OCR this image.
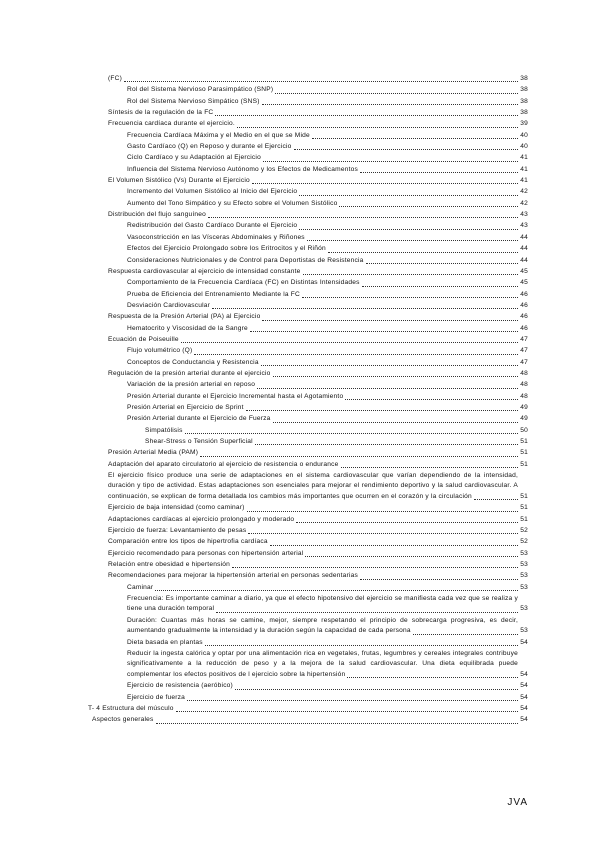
(FC)	38
Rol del Sistema Nervioso Parasimpático (SNP)	38
Rol del Sistema Nervioso Simpático (SNS)	38
Síntesis de la regulación de la FC	38
Frecuencia cardíaca durante el ejercicio.	39
Frecuencia Cardíaca Máxima y el Medio en el que se Mide	40
Gasto Cardíaco (Q) en Reposo y durante el Ejercicio	40
Ciclo Cardíaco y su Adaptación al Ejercicio	41
Influencia del Sistema Nervioso Autónomo y los Efectos de Medicamentos	41
El Volumen Sistólico (Vs) Durante el Ejercicio	41
Incremento del Volumen Sistólico al Inicio del Ejercicio	42
Aumento del Tono Simpático y su Efecto sobre el Volumen Sistólico	42
Distribución del flujo sanguíneo	43
Redistribución del Gasto Cardíaco Durante el Ejercicio	43
Vasoconstricción en las Vísceras Abdominales y Riñones	44
Efectos del Ejercicio Prolongado sobre los Eritrocitos y el Riñón	44
Consideraciones Nutricionales y de Control para Deportistas de Resistencia	44
Respuesta cardiovascular al ejercicio de intensidad constante	45
Comportamiento de la Frecuencia Cardíaca (FC) en Distintas Intensidades	45
Prueba de Eficiencia del Entrenamiento Mediante la FC	46
Desviación Cardiovascular	46
Respuesta de la Presión Arterial (PA) al Ejercicio	46
Hematocrito y Viscosidad de la Sangre	46
Ecuación de Poiseuille	47
Flujo volumétrico (Q)	47
Conceptos de Conductancia y Resistencia	47
Regulación de la presión arterial durante el ejercicio	48
Variación de la presión arterial en reposo	48
Presión Arterial durante el Ejercicio Incremental hasta el Agotamiento	48
Presión Arterial en Ejercicio de Sprint	49
Presión Arterial durante el Ejercicio de Fuerza	49
Simpatólisis	50
Shear-Stress o Tensión Superficial	51
Presión Arterial Media (PAM)	51
Adaptación del aparato circulatorio al ejercicio de resistencia o endurance	51
El ejercicio físico produce una serie de adaptaciones en el sistema cardiovascular que varían dependiendo de la intensidad, duración y tipo de actividad. Estas adaptaciones son esenciales para mejorar el rendimiento deportivo y la salud cardiovascular. A continuación, se explican de forma detallada los cambios más importantes que ocurren en el corazón y la circulación	51
Ejercicio de baja intensidad (como caminar)	51
Adaptaciones cardíacas al ejercicio prolongado y moderado	51
Ejercicio de fuerza: Levantamiento de pesas	52
Comparación entre los tipos de hipertrofia cardíaca	52
Ejercicio recomendado para personas con hipertensión arterial	53
Relación entre obesidad e hipertensión	53
Recomendaciones para mejorar la hipertensión arterial en personas sedentarias	53
Caminar	53
Frecuencia: Es importante caminar a diario, ya que el efecto hipotensivo del ejercicio se manifiesta cada vez que se realiza y tiene una duración temporal	53
Duración: Cuantas más horas se camine, mejor, siempre respetando el principio de sobrecarga progresiva, es decir, aumentando gradualmente la intensidad y la duración según la capacidad de cada persona	53
Dieta basada en plantas	54
Reducir la ingesta calórica y optar por una alimentación rica en vegetales, frutas, legumbres y cereales integrales contribuye significativamente a la reducción de peso y a la mejora de la salud cardiovascular. Una dieta equilibrada puede complementar los efectos positivos de l ejercicio sobre la hipertensión	54
Ejercicio de resistencia (aeróbico)	54
Ejercicio de fuerza	54
T- 4 Estructura del músculo	54
Aspectos generales	54
JVA
